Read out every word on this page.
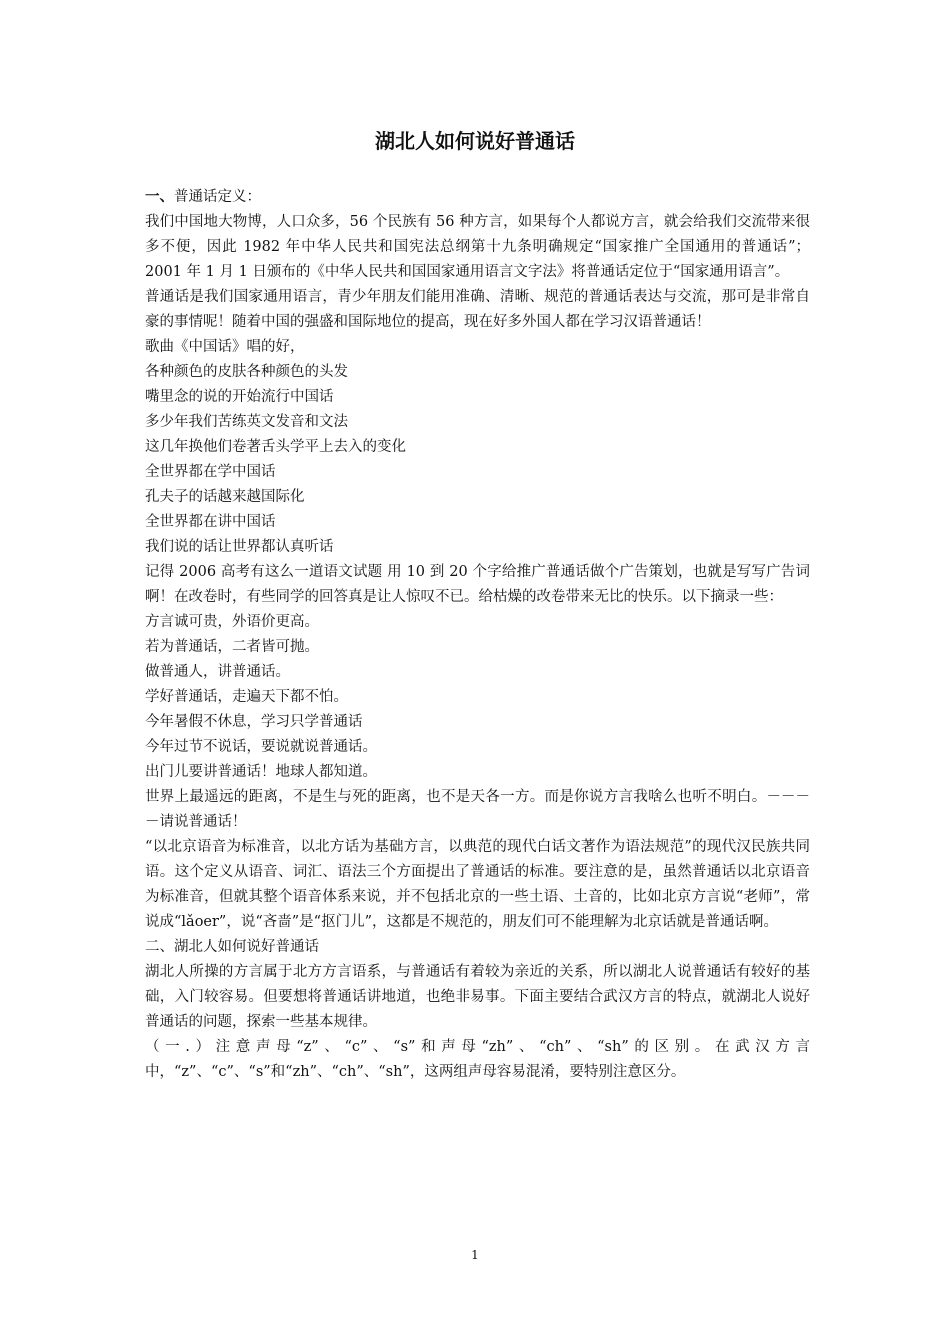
湖北人如何说好普通话

一、普通话定义：

我们中国地大物博，人口众多，56 个民族有 56 种方言，如果每个人都说方言，就会给我们交流带来很多不便，因此 1982 年中华人民共和国宪法总纲第十九条明确规定“国家推广全国通用的普通话”； 2001 年 1 月 1 日颁布的《中华人民共和国国家通用语言文字法》将普通话定位于“国家通用语言”。

普通话是我们国家通用语言，青少年朋友们能用准确、清晰、规范的普通话表达与交流，那可是非常自豪的事情呢！随着中国的强盛和国际地位的提高，现在好多外国人都在学习汉语普通话！

歌曲《中国话》唱的好，

各种颜色的皮肤各种颜色的头发

嘴里念的说的开始流行中国话

多少年我们苦练英文发音和文法

这几年换他们卷著舌头学平上去入的变化

全世界都在学中国话

孔夫子的话越来越国际化

全世界都在讲中国话

我们说的话让世界都认真听话

记得 2006 高考有这么一道语文试题 用 10 到 20 个字给推广普通话做个广告策划，也就是写写广告词啊！在改卷时，有些同学的回答真是让人惊叹不已。给枯燥的改卷带来无比的快乐。以下摘录一些：

方言诚可贵，外语价更高。

若为普通话，二者皆可抛。

做普通人，讲普通话。

学好普通话，走遍天下都不怕。

今年暑假不休息，学习只学普通话

今年过节不说话，要说就说普通话。

出门儿要讲普通话！地球人都知道。

世界上最遥远的距离，不是生与死的距离，也不是天各一方。而是你说方言我啥么也听不明白。－－－－请说普通话！

“以北京语音为标准音，以北方话为基础方言，以典范的现代白话文著作为语法规范”的现代汉民族共同语。这个定义从语音、词汇、语法三个方面提出了普通话的标准。要注意的是，虽然普通话以北京语音为标准音，但就其整个语音体系来说，并不包括北京的一些土语、土音的，比如北京方言说“老师”，常说成“lǎoer”，说“吝啬”是“抠门儿”，这都是不规范的，朋友们可不能理解为北京话就是普通话啊。

二、湖北人如何说好普通话

湖北人所操的方言属于北方方言语系，与普通话有着较为亲近的关系，所以湖北人说普通话有较好的基础，入门较容易。但要想将普通话讲地道，也绝非易事。下面主要结合武汉方言的特点，就湖北人说好普通话的问题，探索一些基本规律。

（一.）注意声母“z”、“c”、“s”和声母“zh”、“ch”、“sh”的区别。在武汉方言中，“z”、“c”、“s”和“zh”、“ch”、“sh”，这两组声母容易混淆，要特别注意区分。

1
